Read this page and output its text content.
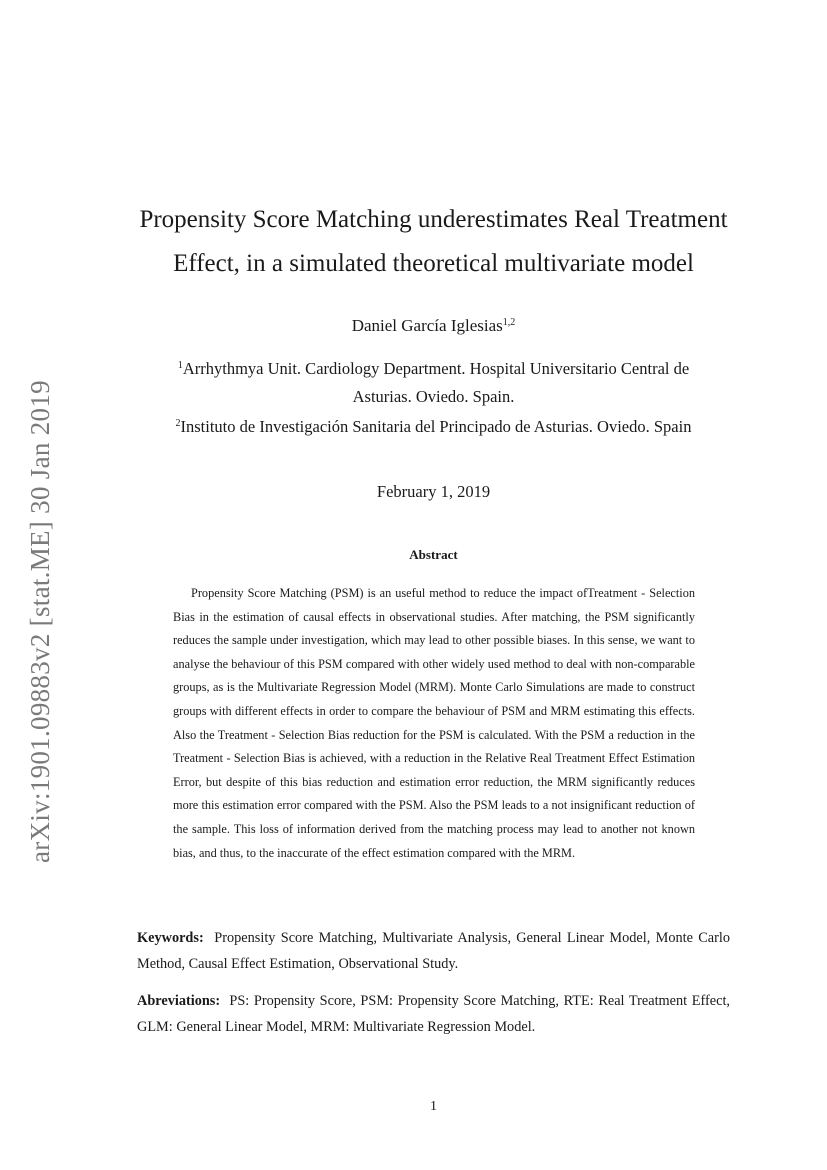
arXiv:1901.09883v2 [stat.ME] 30 Jan 2019
Propensity Score Matching underestimates Real Treatment
Effect, in a simulated theoretical multivariate model
Daniel García Iglesias$^{1,2}$
$^1$Arrhythmya Unit. Cardiology Department. Hospital Universitario Central de
Asturias. Oviedo. Spain.
$^2$Instituto de Investigación Sanitaria del Principado de Asturias. Oviedo. Spain
February 1, 2019
Abstract

Propensity Score Matching (PSM) is an useful method to reduce the impact ofTreatment - Selection Bias in the estimation of causal effects in observational studies. After matching, the PSM significantly reduces the sample under investigation, which may lead to other possible biases. In this sense, we want to analyse the behaviour of this PSM compared with other widely used method to deal with non-comparable groups, as is the Multivariate Regression Model (MRM). Monte Carlo Simulations are made to construct groups with different effects in order to compare the behaviour of PSM and MRM estimating this effects. Also the Treatment - Selection Bias reduction for the PSM is calculated. With the PSM a reduction in the Treatment - Selection Bias is achieved, with a reduction in the Relative Real Treatment Effect Estimation Error, but despite of this bias reduction and estimation error reduction, the MRM significantly reduces more this estimation error compared with the PSM. Also the PSM leads to a not insignificant reduction of the sample. This loss of information derived from the matching process may lead to another not known bias, and thus, to the inaccurate of the effect estimation compared with the MRM.

Keywords: Propensity Score Matching, Multivariate Analysis, General Linear Model, Monte Carlo Method, Causal Effect Estimation, Observational Study.

Abreviations: PS: Propensity Score, PSM: Propensity Score Matching, RTE: Real Treatment Effect, GLM: General Linear Model, MRM: Multivariate Regression Model.

1
